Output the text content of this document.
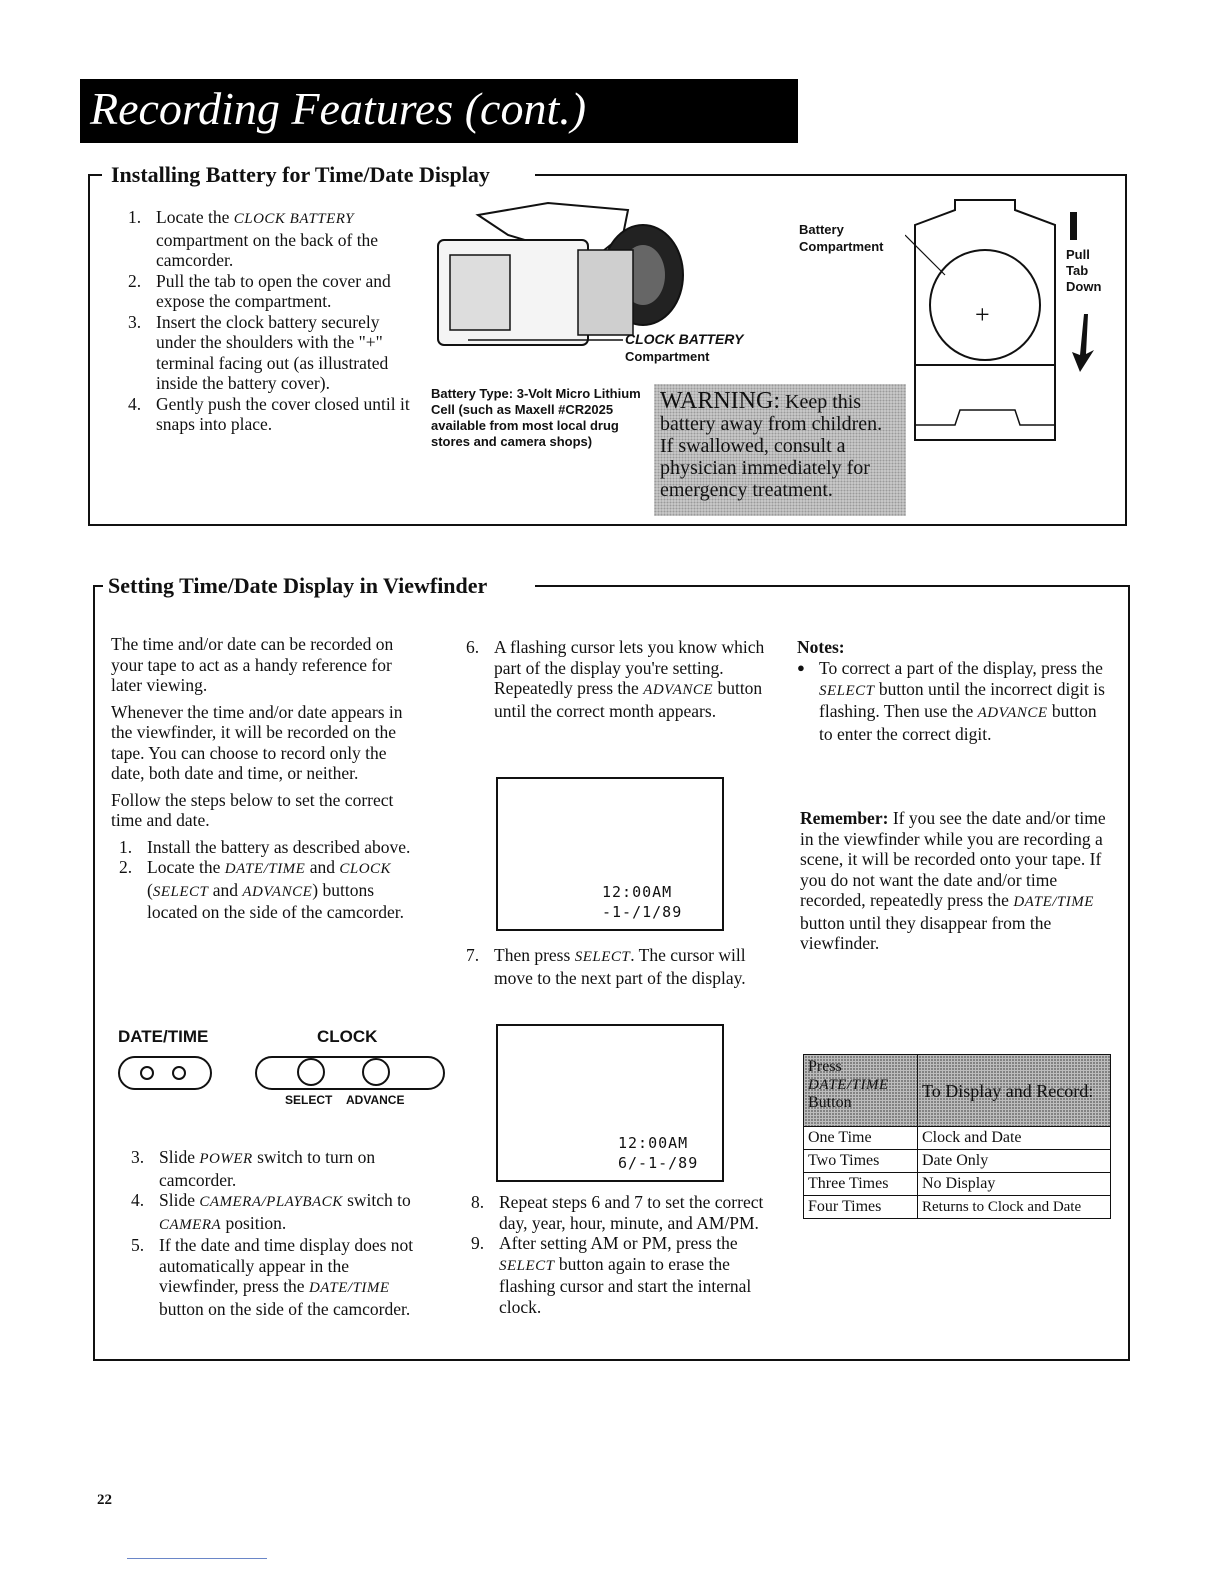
Recording Features (cont.)
Installing Battery for Time/Date Display
1. Locate the CLOCK BATTERY compartment on the back of the camcorder.
2. Pull the tab to open the cover and expose the compartment.
3. Insert the clock battery securely under the shoulders with the "+" terminal facing out (as illustrated inside the battery cover).
4. Gently push the cover closed until it snaps into place.
CLOCK BATTERY
Compartment
Battery Type: 3-Volt Micro Lithium Cell (such as Maxell #CR2025 available from most local drug stores and camera shops)
Battery Compartment
+
Pull
Tab
Down
WARNING: Keep this battery away from children. If swallowed, consult a physician immediately for emergency treatment.
Setting Time/Date Display in Viewfinder

The time and/or date can be recorded on your tape to act as a handy reference for later viewing.

Whenever the time and/or date appears in the viewfinder, it will be recorded on the tape. You can choose to record only the date, both date and time, or neither.

Follow the steps below to set the correct time and date.

1. Install the battery as described above.
2. Locate the DATE/TIME and CLOCK (SELECT and ADVANCE) buttons located on the side of the camcorder.
DATE/TIME	CLOCK
SELECT ADVANCE
3. Slide POWER switch to turn on camcorder.
4. Slide CAMERA/PLAYBACK switch to CAMERA position.
5. If the date and time display does not automatically appear in the viewfinder, press the DATE/TIME button on the side of the camcorder.
6. A flashing cursor lets you know which part of the display you're setting. Repeatedly press the ADVANCE button until the correct month appears.
12:00AM
-1-/1/89
7. Then press SELECT. The cursor will move to the next part of the display.
12:00AM
6/-1-/89
8. Repeat steps 6 and 7 to set the correct day, year, hour, minute, and AM/PM.
9. After setting AM or PM, press the SELECT button again to erase the flashing cursor and start the internal clock.
Notes:
● To correct a part of the display, press the SELECT button until the incorrect digit is flashing. Then use the ADVANCE button to enter the correct digit.
Remember: If you see the date and/or time in the viewfinder while you are recording a scene, it will be recorded onto your tape. If you do not want the date and/or time recorded, repeatedly press the DATE/TIME button until they disappear from the viewfinder.
Press DATE/TIME Button	To Display and Record:
One Time	Clock and Date
Two Times	Date Only
Three Times	No Display
Four Times	Returns to Clock and Date
22
